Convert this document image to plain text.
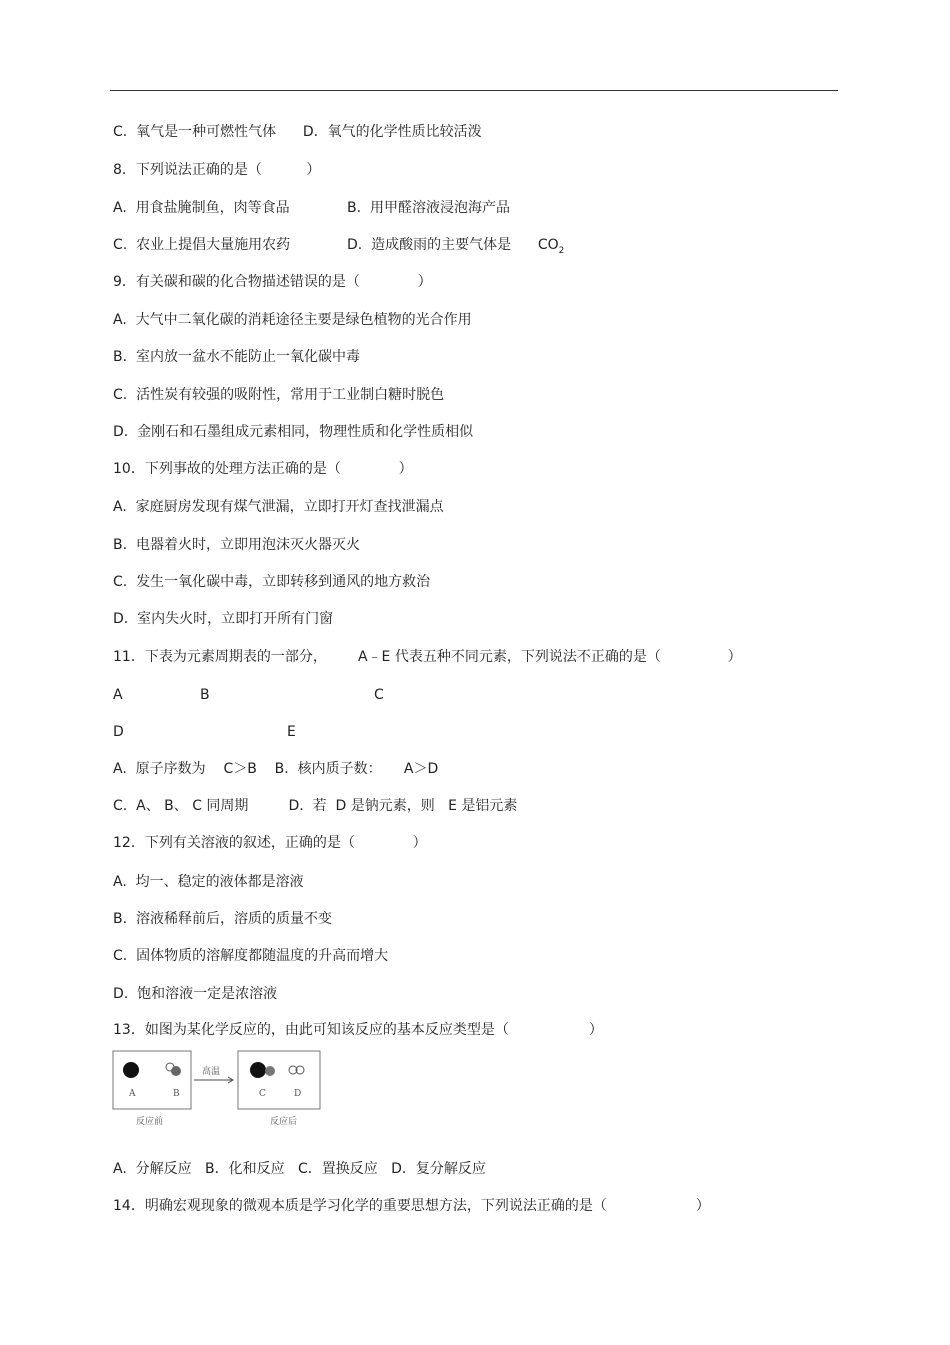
C.  氧气是一种可燃性气体      D．氧气的化学性质比较活泼
8．下列说法正确的是（          ）
A.  用食盐腌制鱼，肉等食品	B.  用甲醛溶液浸泡海产品
C.  农业上提倡大量施用农药	D.  造成酸雨的主要气体是      $CO_2$
9．有关碳和碳的化合物描述错误的是（             ）
A.  大气中二氧化碳的消耗途径主要是绿色植物的光合作用
B.  室内放一盆水不能防止一氧化碳中毒
C.  活性炭有较强的吸附性，常用于工业制白糖时脱色
D.  金刚石和石墨组成元素相同，物理性质和化学性质相似
10．下列事故的处理方法正确的是（             ）
A.  家庭厨房发现有煤气泄漏，立即打开灯查找泄漏点
B.  电器着火时，立即用泡沫灭火器灭火
C.  发生一氧化碳中毒，立即转移到通风的地方救治
D.  室内失火时，立即打开所有门窗
11．下表为元素周期表的一部分，       A﹣E 代表五种不同元素，下列说法不正确的是（               ）
A	B	C
D	E
A.  原子序数为    C＞B    B.  核内质子数：     A＞D
C.  A、 B、 C 同周期         D.  若  D 是钠元素，则   E 是铝元素
12．下列有关溶液的叙述，正确的是（             ）
A.  均一、稳定的液体都是溶液
B.  溶液稀释前后，溶质的质量不变
C.  固体物质的溶解度都随温度的升高而增大
D.  饱和溶液一定是浓溶液
13．如图为某化学反应的，由此可知该反应的基本反应类型是（                  ）
A	B
高温
C	D
反应前	反应后
A.  分解反应   B．化和反应   C．置换反应   D．复分解反应
14．明确宏观现象的微观本质是学习化学的重要思想方法，下列说法正确的是（                    ）
